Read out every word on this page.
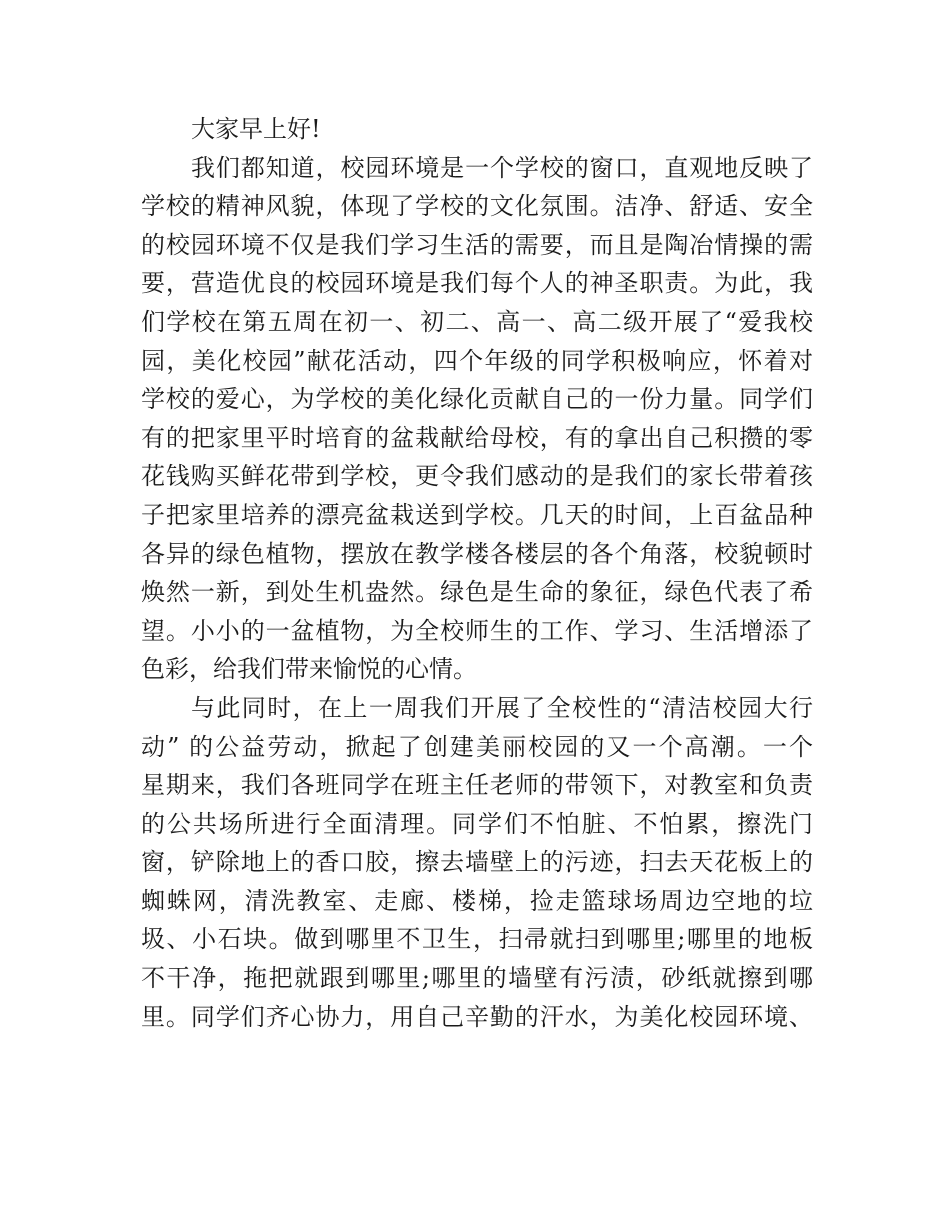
大家早上好!
我们都知道，校园环境是一个学校的窗口，直观地反映了
学校的精神风貌，体现了学校的文化氛围。洁净、舒适、安全
的校园环境不仅是我们学习生活的需要，而且是陶冶情操的需
要，营造优良的校园环境是我们每个人的神圣职责。为此，我
们学校在第五周在初一、初二、高一、高二级开展了“爱我校
园，美化校园”献花活动，四个年级的同学积极响应，怀着对
学校的爱心，为学校的美化绿化贡献自己的一份力量。同学们
有的把家里平时培育的盆栽献给母校，有的拿出自己积攒的零
花钱购买鲜花带到学校，更令我们感动的是我们的家长带着孩
子把家里培养的漂亮盆栽送到学校。几天的时间，上百盆品种
各异的绿色植物，摆放在教学楼各楼层的各个角落，校貌顿时
焕然一新，到处生机盎然。绿色是生命的象征，绿色代表了希
望。小小的一盆植物，为全校师生的工作、学习、生活增添了
色彩，给我们带来愉悦的心情。
与此同时，在上一周我们开展了全校性的“清洁校园大行
动” 的公益劳动，掀起了创建美丽校园的又一个高潮。一个
星期来，我们各班同学在班主任老师的带领下，对教室和负责
的公共场所进行全面清理。同学们不怕脏、不怕累，擦洗门
窗，铲除地上的香口胶，擦去墙壁上的污迹，扫去天花板上的
蜘蛛网，清洗教室、走廊、楼梯，捡走篮球场周边空地的垃
圾、小石块。做到哪里不卫生，扫帚就扫到哪里;哪里的地板
不干净，拖把就跟到哪里;哪里的墙壁有污渍，砂纸就擦到哪
里。同学们齐心协力，用自己辛勤的汗水，为美化校园环境、
